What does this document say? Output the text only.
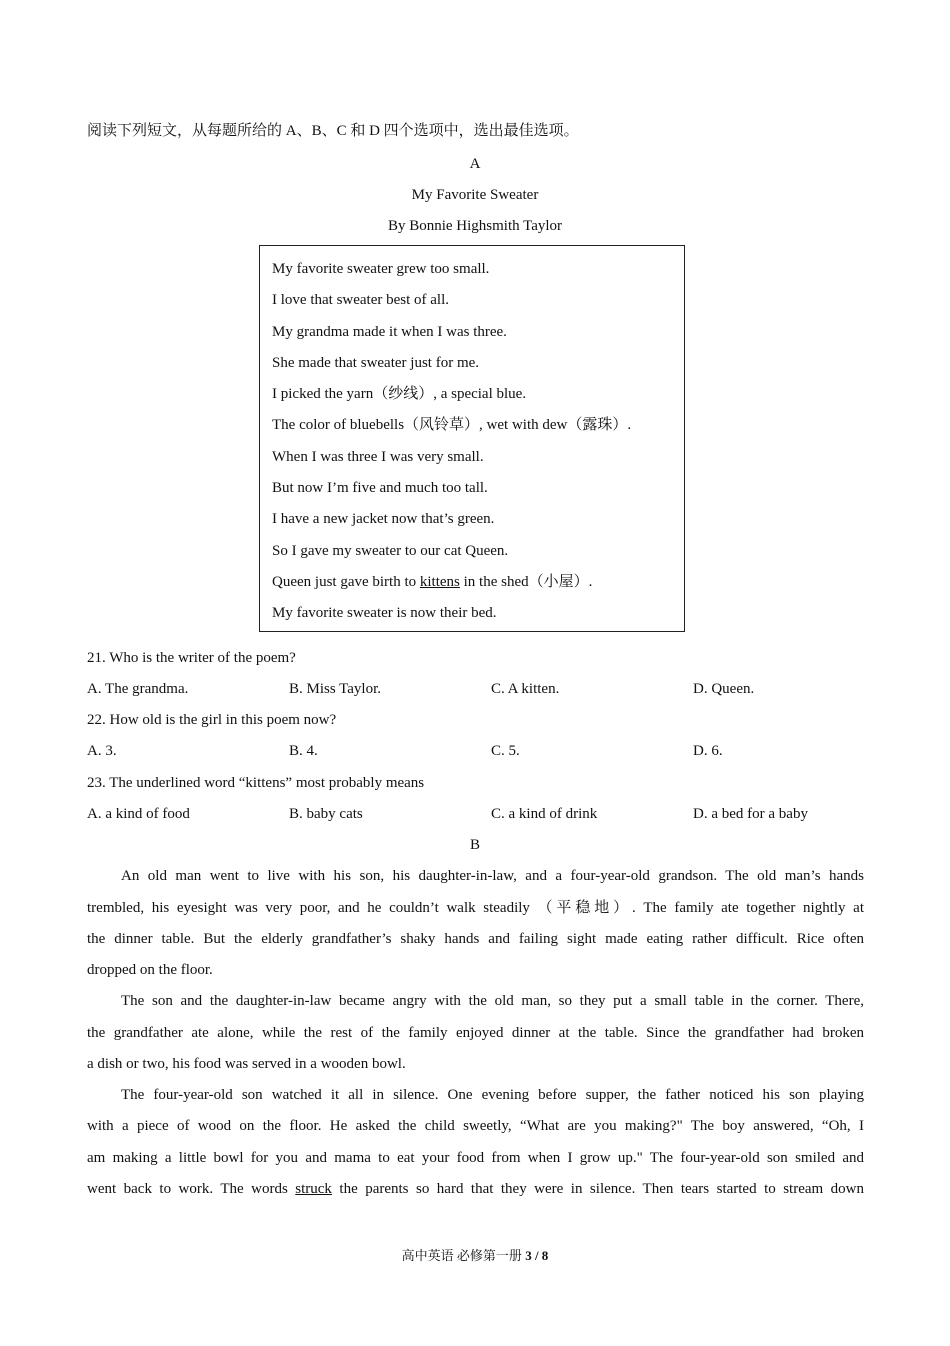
阅读下列短文，从每题所给的 A、B、C 和 D 四个选项中，选出最佳选项。
A
My Favorite Sweater
By Bonnie Highsmith Taylor
My favorite sweater grew too small.
I love that sweater best of all.
My grandma made it when I was three.
She made that sweater just for me.
I picked the yarn（纱线）, a special blue.
The color of bluebells（风铃草）, wet with dew（露珠）.
When I was three I was very small.
But now I’m five and much too tall.
I have a new jacket now that’s green.
So I gave my sweater to our cat Queen.
Queen just gave birth to kittens in the shed（小屋）.
My favorite sweater is now their bed.
21. Who is the writer of the poem?
A. The grandma.	B. Miss Taylor.	C. A kitten.	D. Queen.
22. How old is the girl in this poem now?
A. 3.	B. 4.	C. 5.	D. 6.
23. The underlined word “kittens” most probably means
A. a kind of food	B. baby cats	C. a kind of drink	D. a bed for a baby
B
An old man went to live with his son, his daughter-in-law, and a four-year-old grandson. The old man’s hands
trembled, his eyesight was very poor, and he couldn’t walk steadily （平稳地）. The family ate together nightly at
the dinner table. But the elderly grandfather’s shaky hands and failing sight made eating rather difficult. Rice often
dropped on the floor.
The son and the daughter-in-law became angry with the old man, so they put a small table in the corner. There,
the grandfather ate alone, while the rest of the family enjoyed dinner at the table. Since the grandfather had broken
a dish or two, his food was served in a wooden bowl.
The four-year-old son watched it all in silence. One evening before supper, the father noticed his son playing
with a piece of wood on the floor. He asked the child sweetly, “What are you making?" The boy answered, “Oh, I
am making a little bowl for you and mama to eat your food from when I grow up." The four-year-old son smiled and
went back to work. The words struck the parents so hard that they were in silence. Then tears started to stream down
高中英语 必修第一册 3 / 8
